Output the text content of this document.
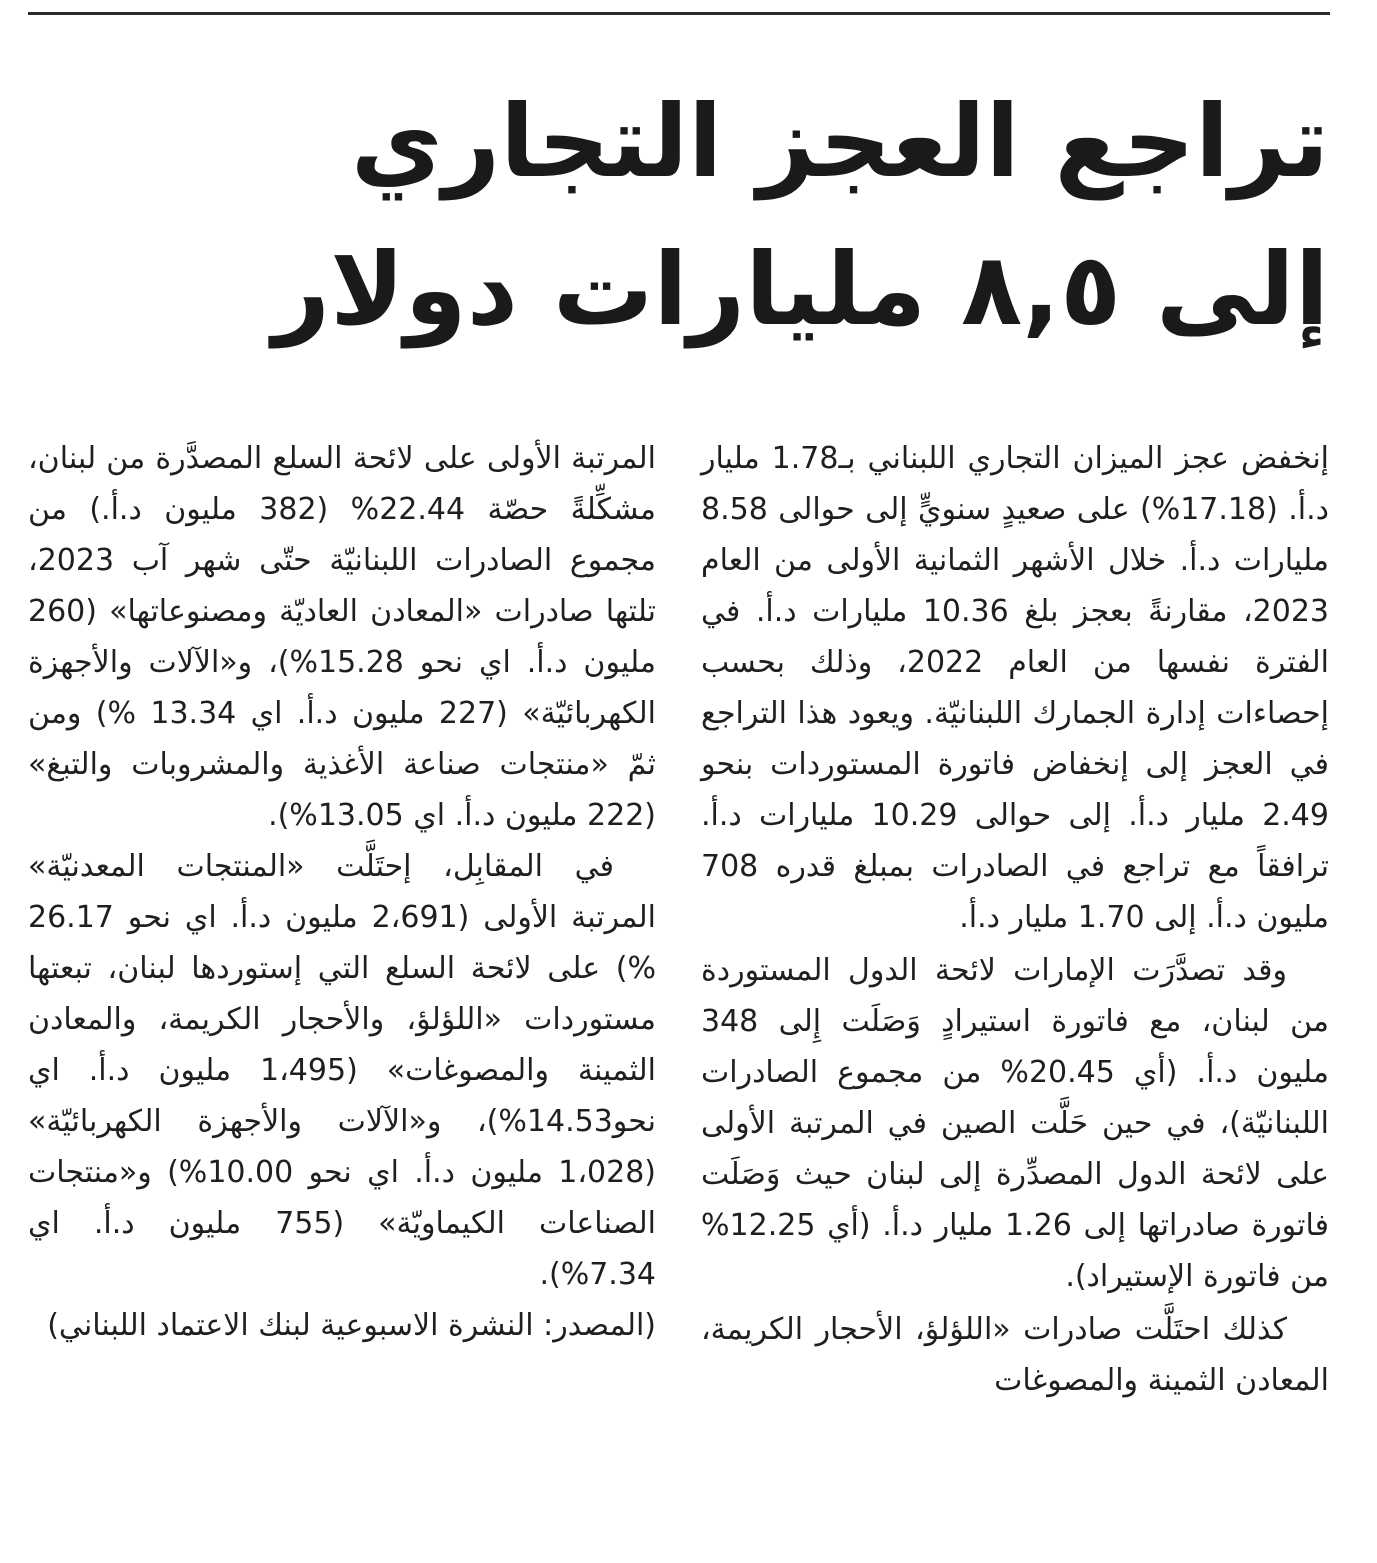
تراجع العجز التجاري
إلى ٨,٥ مليارات دولار

إنخفض عجز الميزان التجاري اللبناني بـ1.78 مليار د.أ. (17.18%) على صعيدٍ سنويٍّ إلى حوالى 8.58 مليارات د.أ. خلال الأشهر الثمانية الأولى من العام 2023، مقارنةً بعجز بلغ 10.36 مليارات د.أ. في الفترة نفسها من العام 2022، وذلك بحسب إحصاءات إدارة الجمارك اللبنانيّة. ويعود هذا التراجع في العجز إلى إنخفاض فاتورة المستوردات بنحو 2.49 مليار د.أ. إلى حوالى 10.29 مليارات د.أ. ترافقاً مع تراجع في الصادرات بمبلغ قدره 708 مليون د.أ. إلى 1.70 مليار د.أ.

وقد تصدَّرَت الإمارات لائحة الدول المستوردة من لبنان، مع فاتورة استيرادٍ وَصَلَت إِلى 348 مليون د.أ. (أي 20.45% من مجموع الصادرات اللبنانيّة)، في حين حَلَّت الصين في المرتبة الأولى على لائحة الدول المصدِّرة إلى لبنان حيث وَصَلَت فاتورة صادراتها إلى 1.26 مليار د.أ. (أي 12.25% من فاتورة الإستيراد).

كذلك احتَلَّت صادرات «اللؤلؤ، الأحجار الكريمة، المعادن الثمينة والمصوغات

المرتبة الأولى على لائحة السلع المصدَّرة من لبنان، مشكِّلةً حصّة 22.44% (382 مليون د.أ.) من مجموع الصادرات اللبنانيّة حتّى شهر آب 2023، تلتها صادرات «المعادن العاديّة ومصنوعاتها» (260 مليون د.أ. اي نحو 15.28%)، و«الآلات والأجهزة الكهربائيّة» (227 مليون د.أ. اي 13.34 %) ومن ثمّ «منتجات صناعة الأغذية والمشروبات والتبغ» (222 مليون د.أ. اي 13.05%).

في المقابِل، إحتَلَّت «المنتجات المعدنيّة» المرتبة الأولى (2،691 مليون د.أ. اي نحو 26.17 %) على لائحة السلع التي إستوردها لبنان، تبعتها مستوردات «اللؤلؤ، والأحجار الكريمة، والمعادن الثمينة والمصوغات» (1،495 مليون د.أ. اي نحو14.53%)، و«الآلات والأجهزة الكهربائيّة» (1،028 مليون د.أ. اي نحو 10.00%) و«منتجات الصناعات الكيماويّة» (755 مليون د.أ. اي 7.34%).

(المصدر: النشرة الاسبوعية لبنك الاعتماد اللبناني)
